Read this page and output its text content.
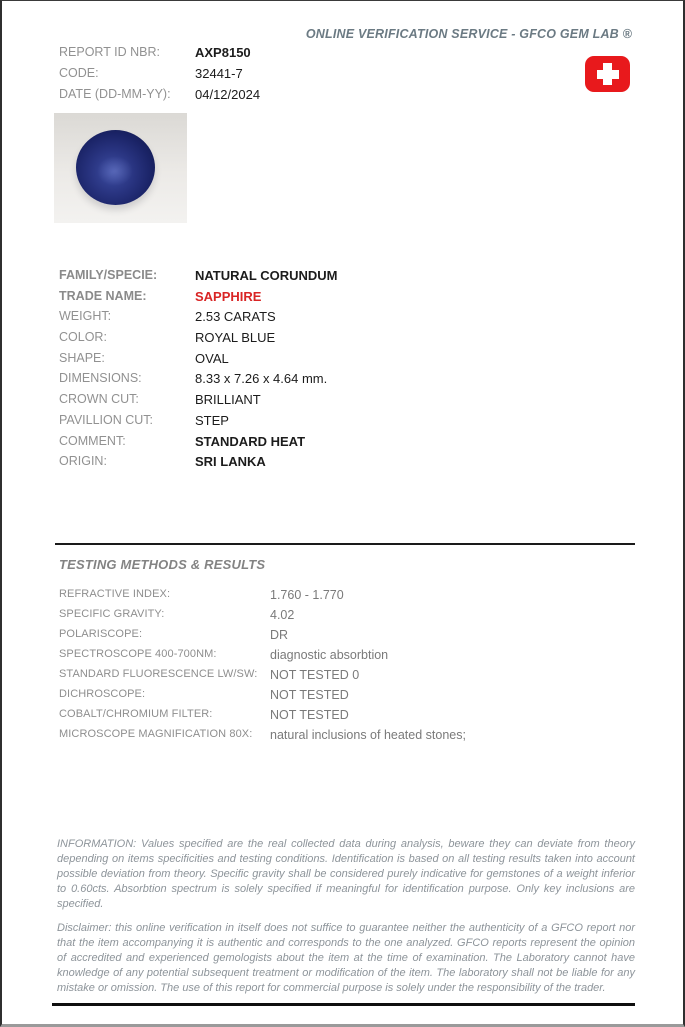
ONLINE VERIFICATION SERVICE - GFCO GEM LAB ®
REPORT ID NBR:	AXP8150
CODE:	32441-7
DATE (DD-MM-YY):	04/12/2024
FAMILY/SPECIE:	NATURAL CORUNDUM
TRADE NAME:	SAPPHIRE
WEIGHT:	2.53 CARATS
COLOR:	ROYAL BLUE
SHAPE:	OVAL
DIMENSIONS:	8.33 x 7.26 x 4.64 mm.
CROWN CUT:	BRILLIANT
PAVILLION CUT:	STEP
COMMENT:	STANDARD HEAT
ORIGIN:	SRI LANKA
TESTING METHODS & RESULTS
REFRACTIVE INDEX:	1.760 - 1.770
SPECIFIC GRAVITY:	4.02
POLARISCOPE:	DR
SPECTROSCOPE 400-700NM:	diagnostic absorbtion
STANDARD FLUORESCENCE LW/SW:	NOT TESTED 0
DICHROSCOPE:	NOT TESTED
COBALT/CHROMIUM FILTER:	NOT TESTED
MICROSCOPE MAGNIFICATION 80X:	natural inclusions of heated stones;
INFORMATION: Values specified are the real collected data during analysis, beware they can deviate from theory depending on items specificities and testing conditions. Identification is based on all testing results taken into account possible deviation from theory. Specific gravity shall be considered purely indicative for gemstones of a weight inferior to 0.60cts. Absorbtion spectrum is solely specified if meaningful for identification purpose. Only key inclusions are specified.
Disclaimer: this online verification in itself does not suffice to guarantee neither the authenticity of a GFCO report nor that the item accompanying it is authentic and corresponds to the one analyzed. GFCO reports represent the opinion of accredited and experienced gemologists about the item at the time of examination. The Laboratory cannot have knowledge of any potential subsequent treatment or modification of the item. The laboratory shall not be liable for any mistake or omission. The use of this report for commercial purpose is solely under the responsibility of the trader.
